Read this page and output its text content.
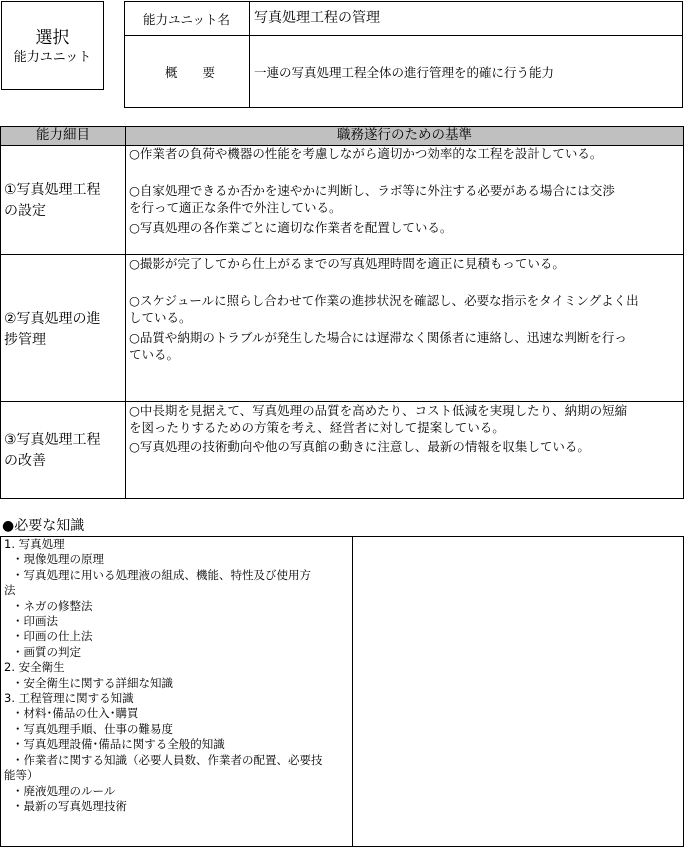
選択
能力ユニット
能力ユニット名 写真処理工程の管理
概　　要	一連の写真処理工程全体の進行管理を的確に行う能力
能力細目	職務遂行のための基準
①写真処理工程
の設定
○作業者の負荷や機器の性能を考慮しながら適切かつ効率的な工程を設計している。
○自家処理できるか否かを速やかに判断し、ラボ等に外注する必要がある場合には交渉
を行って適正な条件で外注している。
○写真処理の各作業ごとに適切な作業者を配置している。
②写真処理の進
捗管理
○撮影が完了してから仕上がるまでの写真処理時間を適正に見積もっている。
○スケジュールに照らし合わせて作業の進捗状況を確認し、必要な指示をタイミングよく出
している。
○品質や納期のトラブルが発生した場合には遅滞なく関係者に連絡し、迅速な判断を行っ
ている。
③写真処理工程
の改善
○中長期を見据えて、写真処理の品質を高めたり、コスト低減を実現したり、納期の短縮
を図ったりするための方策を考え、経営者に対して提案している。
○写真処理の技術動向や他の写真館の動きに注意し、最新の情報を収集している。
●必要な知識
1. 写真処理
・現像処理の原理
・写真処理に用いる処理液の組成、機能、特性及び使用方
法
・ネガの修整法
・印画法
・印画の仕上法
・画質の判定
2. 安全衛生
・安全衛生に関する詳細な知識
3. 工程管理に関する知識
・材料･備品の仕入･購買
・写真処理手順、仕事の難易度
・写真処理設備･備品に関する全般的知識
・作業者に関する知識（必要人員数、作業者の配置、必要技
能等）
・廃液処理のルール
・最新の写真処理技術
